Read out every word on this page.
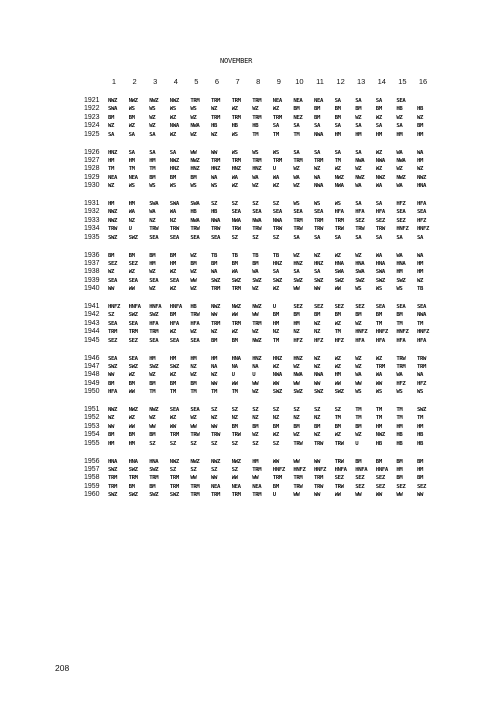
NOVEMBER
1	2	3	4	5	6	7	8	9	10 11 12 13 14 15 16
1921	NWZ	NWZ	NWZ	NWZ	TRM	TRM	TRM	TRM	NEA	NEA	NEA	SA	SA	SA	SEA
1922	SWA	WS	WS	WS	WS	WZ	WZ	WZ	WZ	BM	BM	BM	BM	BM	HB	HB
1923	BM	BM	WZ	WZ	WZ	TRM	TRM	TRM	TRM	NEZ	BM	BM	WZ	WZ	WZ	WZ
1924	WZ	WZ	WZ	NWA	NWA	HB	HB	HB	SA	SA	SA	SA	SA	SA	SA	BM
1925	SA	SA	SA	WZ	WZ	WZ	WS	TM	TM	TM	NWA	HM	HM	HM	HM	HM
1926	HNZ	SA	SA	SA	WW	WW	WS	WS	WS	SA	SA	SA	SA	WZ	WA	WA
1927	HM	HM	HM	NWZ	NWZ	TRM	TRM	TRM	TRM	TRM	TRM	TM	NWA	NWA	NWA	HM
1928	TM	TM	TM	HNZ	HNZ	HNZ	HNZ	HNZ	U	WZ	WZ	WZ	WZ	WZ	WZ	WZ
1929	NEA	NEA	BM	BM	BM	WA	WA	WA	WA	WA	WA	NWZ	NWZ	NWZ	NWZ	NWZ
1930	WZ	WS	WS	WS	WS	WS	WZ	WZ	WZ	WZ	NWA	NWA	WA	WA	WA	HNA
1931	HM	HM	SWA	SWA	SWA	SZ	SZ	SZ	SZ	WS	WS	WS	SA	SA	HFZ	HFA
1932	NWZ	WA	WA	WA	HB	HB	SEA	SEA	SEA	SEA	SEA	HFA	HFA	HFA	SEA	SEA
1933	NWZ	NZ	NZ	NZ	NWA	NWA	NWA	NWA	NWA	TRM	TRM	TRM	SEZ	SEZ	SEZ	HFZ
1934	TRW	U	TRW	TRW	TRW	TRW	TRW	TRW	TRW	TRW	TRW	TRW	TRW	TRW	HNFZ	HNFZ
1935	SWZ	SWZ	SEA	SEA	SEA	SEA	SZ	SZ	SZ	SA	SA	SA	SA	SA	SA	SA
1936	BM	BM	BM	BM	WZ	TB	TB	TB	TB	WZ	WZ	WZ	WZ	WA	WA	WA
1937	SEZ	SEZ	HM	HM	BM	BM	BM	BM	HNZ	HNZ	HNZ	HNA	HNA	HNA	HNA	HM
1938	WZ	WZ	WZ	WZ	WZ	WA	WA	WA	SA	SA	SA	SWA	SWA	SWA	HM	HM
1939	SEA	SEA	SEA	SEA	WW	SWZ	SWZ	SWZ	SWZ	SWZ	SWZ	SWZ	SWZ	SWZ	SWZ	WZ
1940	WW	WW	WZ	WZ	WZ	TRM	TRM	WZ	WZ	WW	WW	WW	WS	WS	WS	TB
1941	HNFZ	HNFA	HNFA	HNFA	HB	NWZ	NWZ	NWZ	U	SEZ	SEZ	SEZ	SEZ	SEA	SEA	SEA
1942	SZ	SWZ	SWZ	BM	TRW	WW	WW	WW	BM	BM	BM	BM	BM	BM	BM	NWA
1943	SEA	SEA	HFA	HFA	HFA	TRM	TRM	TRM	HM	HM	WZ	WZ	WZ	TM	TM	TM
1944	TRM	TRM	TRM	WZ	WZ	WZ	WZ	WZ	NZ	NZ	NZ	TM	HNFZ	HNFZ	HNFZ	HNFZ
1945	SEZ	SEZ	SEA	SEA	SEA	BM	BM	NWZ	TM	HFZ	HFZ	HFZ	HFA	HFA	HFA	HFA
1946	SEA	SEA	HM	HM	HM	HM	HNA	HNZ	HNZ	HNZ	WZ	WZ	WZ	WZ	TRW	TRW
1947	SWZ	SWZ	SWZ	SWZ	NZ	NA	NA	NA	WZ	WZ	WZ	WZ	WZ	TRM	TRM	TRM
1948	WW	WZ	WZ	WZ	WZ	WZ	U	U	NWA	NWA	NWA	HM	WA	WA	WA	WA
1949	BM	BM	BM	BM	BM	WW	WW	WW	WW	WW	WW	WW	WW	WW	HFZ	HFZ
1950	HFA	WW	TM	TM	TM	TM	TM	WZ	SWZ	SWZ	SWZ	SWZ	WS	WS	WS	WS
1951	NWZ	NWZ	NWZ	SEA	SEA	SZ	SZ	SZ	SZ	SZ	SZ	SZ	TM	TM	TM	SWZ
1952	WZ	WZ	WZ	WZ	WZ	WZ	NZ	NZ	NZ	NZ	NZ	TM	TM	TM	TM	TM
1953	WW	WW	WW	WW	WW	WW	BM	BM	BM	BM	BM	BM	BM	HM	HM	HM
1954	BM	BM	BM	TRM	TRW	TRW	TRW	WZ	WZ	WZ	WZ	WZ	WZ	NWZ	HB	HB
1955	HM	HM	SZ	SZ	SZ	SZ	SZ	SZ	SZ	TRW	TRW	TRW	U	HB	HB	HB
1956	HNA	HNA	HNA	NWZ	NWZ	NWZ	NWZ	HM	WW	WW	WW	TRW	BM	BM	BM	BM
1957	SWZ	SWZ	SWZ	SZ	SZ	SZ	SZ	TRM	HNFZ	HNFZ	HNFZ	HNFA	HNFA	HNFA	HM	HM
1958	TRM	TRM	TRM	TRM	WW	WW	WW	WW	TRM	TRM	TRM	SEZ	SEZ	SEZ	BM	BM
1959	TRM	BM	BM	TRM	TRM	NEA	NEA	NEA	BM	TRW	TRW	TRW	SEZ	SEZ	SEZ	SEZ
1960	SWZ	SWZ	SWZ	SWZ	TRM	TRM	TRM	TRM	U	WW	WW	WW	WW	WW	WW	WW
208
